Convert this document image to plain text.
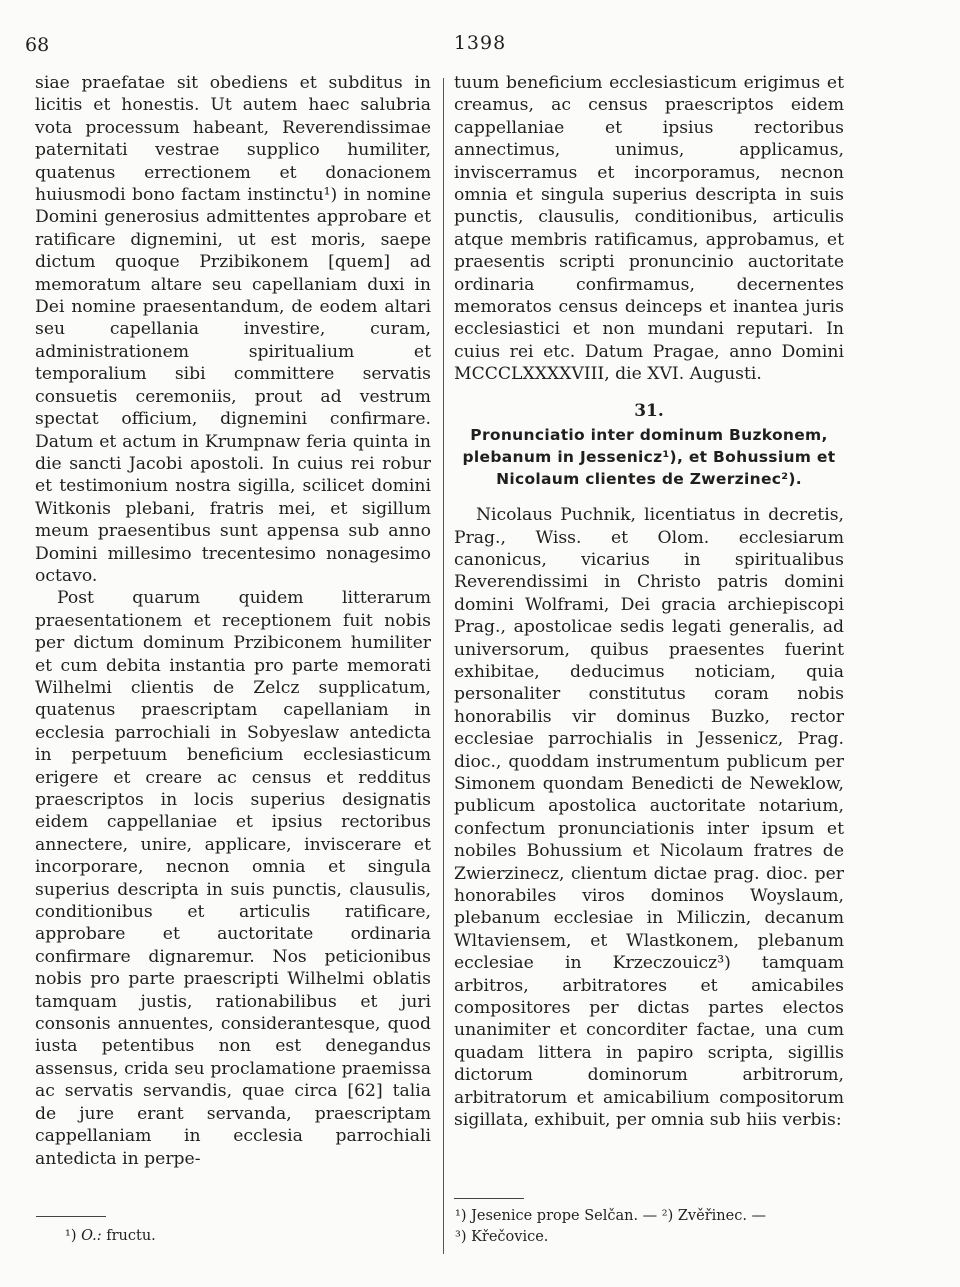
68	1398

siae praefatae sit obediens et subditus in licitis et honestis. Ut autem haec salubria vota processum habeant, Reverendissimae paternitati vestrae supplico humiliter, quatenus errectionem et donacionem huiusmodi bono factam instinctu¹) in nomine Domini generosius admittentes approbare et ratificare dignemini, ut est moris, saepe dictum quoque Przibikonem [quem] ad memoratum altare seu capellaniam duxi in Dei nomine praesentandum, de eodem altari seu capellania investire, curam, administrationem spiritualium et temporalium sibi committere servatis consuetis ceremoniis, prout ad vestrum spectat officium, dignemini confirmare. Datum et actum in Krumpnaw feria quinta in die sancti Jacobi apostoli. In cuius rei robur et testimonium nostra sigilla, scilicet domini Witkonis plebani, fratris mei, et sigillum meum praesentibus sunt appensa sub anno Domini millesimo trecentesimo nonagesimo octavo.

Post quarum quidem litterarum praesentationem et receptionem fuit nobis per dictum dominum Przibiconem humiliter et cum debita instantia pro parte memorati Wilhelmi clientis de Zelcz supplicatum, quatenus praescriptam capellaniam in ecclesia parrochiali in Sobyeslaw antedicta in perpetuum beneficium ecclesiasticum erigere et creare ac census et redditus praescriptos in locis superius designatis eidem cappellaniae et ipsius rectoribus annectere, unire, applicare, inviscerare et incorporare, necnon omnia et singula superius descripta in suis punctis, clausulis, conditionibus et articulis ratificare, approbare et auctoritate ordinaria confirmare dignaremur. Nos peticionibus nobis pro parte praescripti Wilhelmi oblatis tamquam justis, rationabilibus et juri consonis annuentes, considerantesque, quod iusta petentibus non est denegandus assensus, crida seu proclamatione praemissa ac servatis servandis, quae circa [62] talia de jure erant servanda, praescriptam cappellaniam in ecclesia parrochiali antedicta in perpe-

tuum beneficium ecclesiasticum erigimus et creamus, ac census praescriptos eidem cappellaniae et ipsius rectoribus annectimus, unimus, applicamus, inviscerramus et incorporamus, necnon omnia et singula superius descripta in suis punctis, clausulis, conditionibus, articulis atque membris ratificamus, approbamus, et praesentis scripti pronuncinio auctoritate ordinaria confirmamus, decernentes memoratos census deinceps et inantea juris ecclesiastici et non mundani reputari. In cuius rei etc. Datum Pragae, anno Domini MCCCLXXXXVIII, die XVI. Augusti.

31.

Pronunciatio inter dominum Buzkonem, plebanum in Jessenicz¹), et Bohussium et Nicolaum clientes de Zwerzinec²).

Nicolaus Puchnik, licentiatus in decretis, Prag., Wiss. et Olom. ecclesiarum canonicus, vicarius in spiritualibus Reverendissimi in Christo patris domini domini Wolframi, Dei gracia archiepiscopi Prag., apostolicae sedis legati generalis, ad universorum, quibus praesentes fuerint exhibitae, deducimus noticiam, quia personaliter constitutus coram nobis honorabilis vir dominus Buzko, rector ecclesiae parrochialis in Jessenicz, Prag. dioc., quoddam instrumentum publicum per Simonem quondam Benedicti de Neweklow, publicum apostolica auctoritate notarium, confectum pronunciationis inter ipsum et nobiles Bohussium et Nicolaum fratres de Zwierzinecz, clientum dictae prag. dioc. per honorabiles viros dominos Woyslaum, plebanum ecclesiae in Miliczin, decanum Wltaviensem, et Wlastkonem, plebanum ecclesiae in Krzeczouicz³) tamquam arbitros, arbitratores et amicabiles compositores per dictas partes electos unanimiter et concorditer factae, una cum quadam littera in papiro scripta, sigillis dictorum dominorum arbitrorum, arbitratorum et amicabilium compositorum sigillata, exhibuit, per omnia sub hiis verbis:

¹) O.: fructu.
¹) Jesenice prope Selčan. — ²) Zvěřinec. —
³) Křečovice.
